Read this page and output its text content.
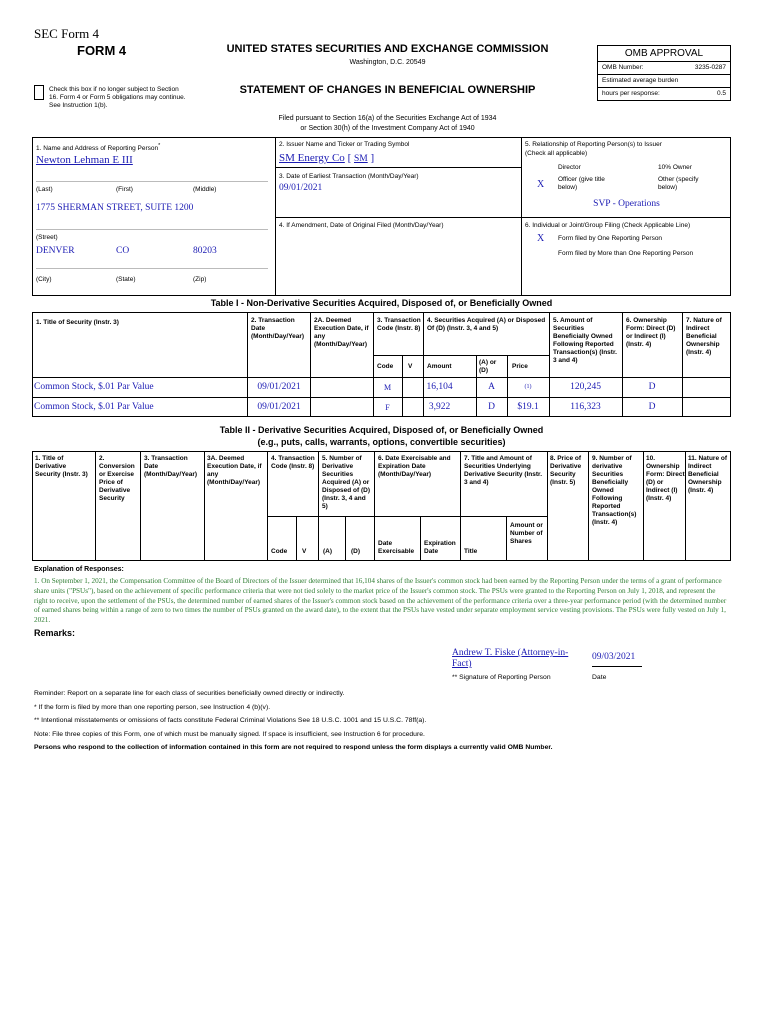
SEC Form 4
FORM 4	UNITED STATES SECURITIES AND EXCHANGE COMMISSION
Washington, D.C. 20549
Check this box if no longer subject to Section 16. Form 4 or Form 5 obligations may continue. See Instruction 1(b).
STATEMENT OF CHANGES IN BENEFICIAL OWNERSHIP
OMB APPROVAL
OMB Number:	3235-0287
Estimated average burden
hours per response:	0.5
Filed pursuant to Section 16(a) of the Securities Exchange Act of 1934
or Section 30(h) of the Investment Company Act of 1940
1. Name and Address of Reporting Person*
Newton Lehman E III
(Last)	(First)	(Middle)
1775 SHERMAN STREET, SUITE 1200
(Street)
DENVER	CO	80203
(City)	(State)	(Zip)
2. Issuer Name and Ticker or Trading Symbol
SM Energy Co [ SM ]
3. Date of Earliest Transaction (Month/Day/Year)
09/01/2021
4. If Amendment, Date of Original Filed (Month/Day/Year)
5. Relationship of Reporting Person(s) to Issuer
(Check all applicable)
Director	10% Owner
X Officer (give title below)
Other (specify below)
SVP - Operations
6. Individual or Joint/Group Filing (Check Applicable Line)
X Form filed by One Reporting Person
Form filed by More than One Reporting Person
Table I - Non-Derivative Securities Acquired, Disposed of, or Beneficially Owned
1. Title of Security (Instr. 3)	2. Transaction Date (Month/Day/Year)
2A. Deemed Execution Date, if any (Month/Day/Year)
3. Transaction Code (Instr. 8)
4. Securities Acquired (A) or Disposed Of (D) (Instr. 3, 4 and 5)
5. Amount of Securities Beneficially Owned Following Reported Transaction(s) (Instr. 3 and 4)
6. Ownership Form: Direct (D) or Indirect (I) (Instr. 4)
7. Nature of Indirect Beneficial Ownership (Instr. 4)
Code V Amount
(A) or (D)
Price
Common Stock, $.01 Par Value	09/01/2021	M	16,104	A	(1)	120,245	D
Common Stock, $.01 Par Value	09/01/2021	F	3,922	D	$19.1	116,323	D
Table II - Derivative Securities Acquired, Disposed of, or Beneficially Owned
(e.g., puts, calls, warrants, options, convertible securities)
1. Title of Derivative Security (Instr. 3)
2. Conversion or Exercise Price of Derivative Security
3. Transaction Date (Month/Day/Year)
3A. Deemed Execution Date, if any (Month/Day/Year)
4. Transaction Code (Instr. 8)
5. Number of Derivative Securities Acquired (A) or Disposed of (D) (Instr. 3, 4 and 5)
6. Date Exercisable and Expiration Date (Month/Day/Year)
7. Title and Amount of Securities Underlying Derivative Security (Instr. 3 and 4)
8. Price of Derivative Security (Instr. 5)
9. Number of derivative Securities Beneficially Owned Following Reported Transaction(s) (Instr. 4)
10. Ownership Form: Direct (D) or Indirect (I) (Instr. 4)
11. Nature of Indirect Beneficial Ownership (Instr. 4)
Code V	(A)	(D)
Date Exercisable
Expiration Date	Title
Amount or Number of Shares
Explanation of Responses:
1. On September 1, 2021, the Compensation Committee of the Board of Directors of the Issuer determined that 16,104 shares of the Issuer's common stock had been earned by the Reporting Person under the terms of a grant of performance share units ("PSUs"), based on the achievement of specific performance criteria that were not tied solely to the market price of the Issuer's common stock. The PSUs were granted to the Reporting Person on July 1, 2018, and represent the right to receive, upon the settlement of the PSUs, the determined number of earned shares of the Issuer's common stock based on the achievement of the performance criteria over a three-year performance period (with the determined number of earned shares being within a range of zero to two times the number of PSUs granted on the award date), to the extent that the PSUs have vested under separate employment service vesting provisions. The PSUs were fully vested on July 1, 2021.
Remarks:
Andrew T. Fiske (Attorney-in-Fact)
09/03/2021
** Signature of Reporting Person	Date
Reminder: Report on a separate line for each class of securities beneficially owned directly or indirectly.
* If the form is filed by more than one reporting person, see Instruction 4 (b)(v).
** Intentional misstatements or omissions of facts constitute Federal Criminal Violations See 18 U.S.C. 1001 and 15 U.S.C. 78ff(a).
Note: File three copies of this Form, one of which must be manually signed. If space is insufficient, see Instruction 6 for procedure.
Persons who respond to the collection of information contained in this form are not required to respond unless the form displays a currently valid OMB Number.
